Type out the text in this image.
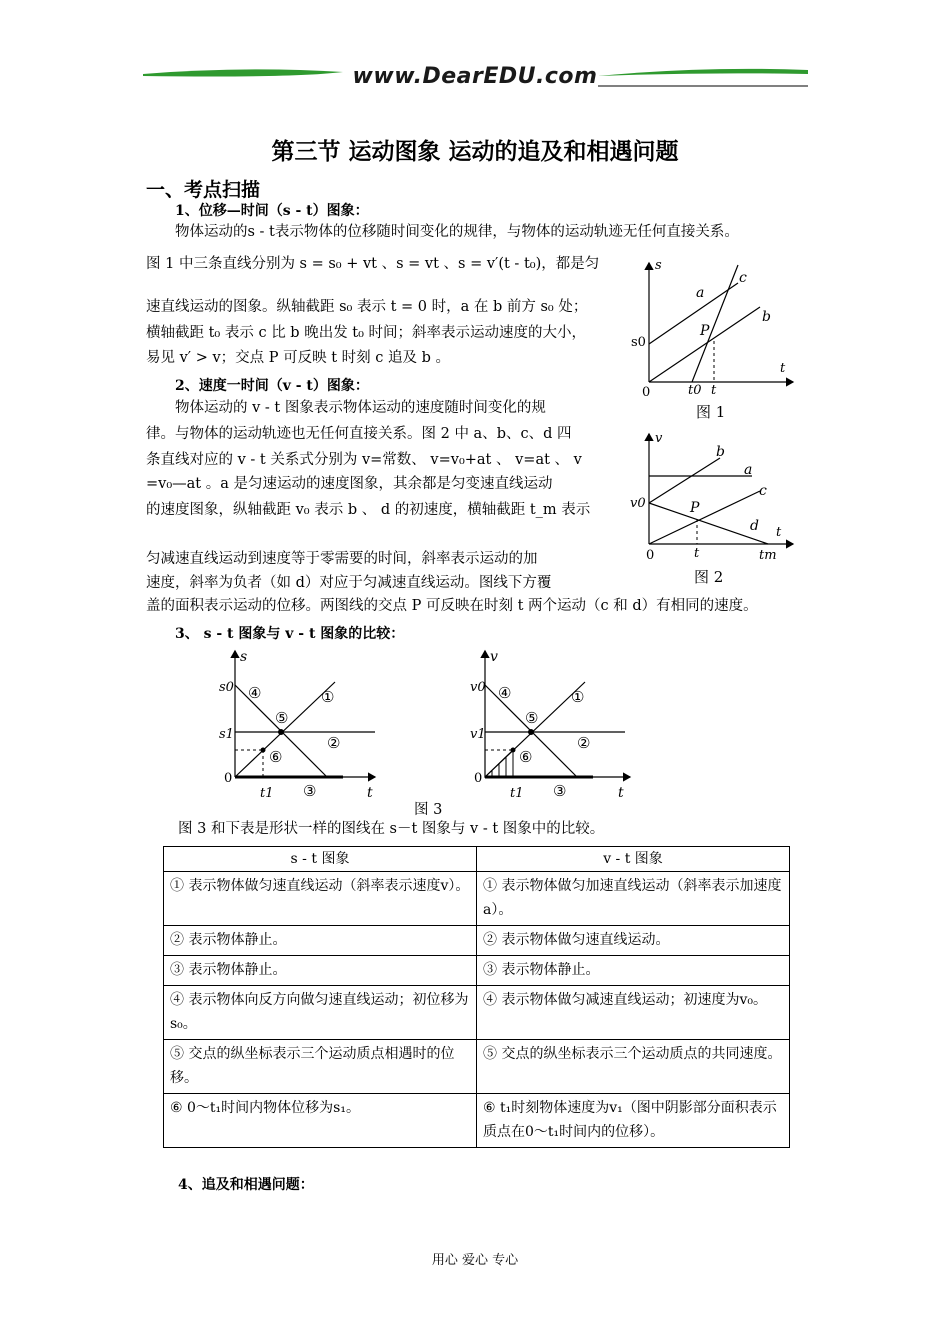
www.DearEDU.com
第三节 运动图象 运动的追及和相遇问题
一、考点扫描
1、位移—时间（s - t）图象：
物体运动的s - t表示物体的位移随时间变化的规律，与物体的运动轨迹无任何直接关系。
图 1 中三条直线分别为 s = s₀ + vt 、s = vt 、s = v′(t - t₀)，都是匀
速直线运动的图象。纵轴截距 s₀ 表示 t = 0 时，a 在 b 前方 s₀ 处；
横轴截距 t₀ 表示 c 比 b 晚出发 t₀ 时间；斜率表示运动速度的大小，
易见 v′ > v；交点 P 可反映 t 时刻 c 追及 b 。
2、速度一时间（v - t）图象：
物体运动的 v - t 图象表示物体运动的速度随时间变化的规
律。与物体的运动轨迹也无任何直接关系。图 2 中 a、b、c、d 四
条直线对应的 v - t 关系式分别为 v=常数、 v=v₀+at 、 v=at 、 v
=v₀—at 。a 是匀速运动的速度图象，其余都是匀变速直线运动
的速度图象，纵轴截距 v₀ 表示 b 、 d 的初速度，横轴截距 t_m 表示
匀减速直线运动到速度等于零需要的时间，斜率表示运动的加
速度，斜率为负者（如 d）对应于匀减速直线运动。图线下方覆
盖的面积表示运动的位移。两图线的交点 P 可反映在时刻 t 两个运动（c 和 d）有相同的速度。
s
t
s0
0	t0 t
a
b
c
P
图 1
v
t
v0
0	t	tm
a
b
c
d
P
图 2
3、 s - t 图象与 v - t 图象的比较：
s
t
s0
s1
0
t1
④	①
⑤
②
⑥
③
v
t
v0
v1
0
t1
④	①
⑤
②
⑥
③
图 3
图 3 和下表是形状一样的图线在 s－t 图象与 v - t 图象中的比较。
s - t 图象	v - t 图象
① 表示物体做匀速直线运动（斜率表示速度v）。	① 表示物体做匀加速直线运动（斜率表示加速度a）。
② 表示物体静止。	② 表示物体做匀速直线运动。
③ 表示物体静止。	③ 表示物体静止。
④ 表示物体向反方向做匀速直线运动；初位移为s₀。	④ 表示物体做匀减速直线运动；初速度为v₀。
⑤ 交点的纵坐标表示三个运动质点相遇时的位移。	⑤ 交点的纵坐标表示三个运动质点的共同速度。
⑥ 0～t₁时间内物体位移为s₁。	⑥ t₁时刻物体速度为v₁（图中阴影部分面积表示质点在0～t₁时间内的位移）。
4、追及和相遇问题：
用心 爱心 专心
